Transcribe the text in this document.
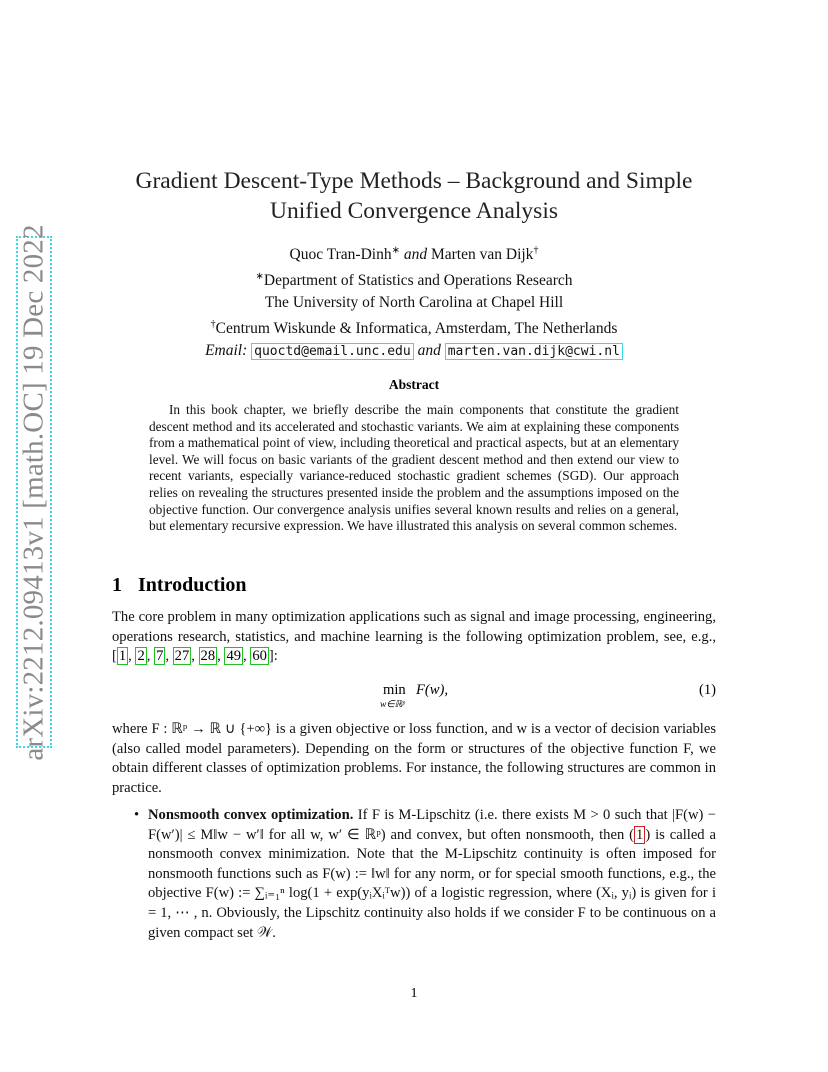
arXiv:2212.09413v1 [math.OC] 19 Dec 2022
Gradient Descent-Type Methods – Background and Simple
Unified Convergence Analysis
Quoc Tran-Dinh∗ and Marten van Dijk†
∗Department of Statistics and Operations Research
The University of North Carolina at Chapel Hill
†Centrum Wiskunde & Informatica, Amsterdam, The Netherlands
Email: quoctd@email.unc.edu and marten.van.dijk@cwi.nl
Abstract

In this book chapter, we briefly describe the main components that constitute the gradient descent method and its accelerated and stochastic variants. We aim at explaining these components from a mathematical point of view, including theoretical and practical aspects, but at an elementary level. We will focus on basic variants of the gradient descent method and then extend our view to recent variants, especially variance-reduced stochastic gradient schemes (SGD). Our approach relies on revealing the structures presented inside the problem and the assumptions imposed on the objective function. Our convergence analysis unifies several known results and relies on a general, but elementary recursive expression. We have illustrated this analysis on several common schemes.

1 Introduction

The core problem in many optimization applications such as signal and image processing, engineering, operations research, statistics, and machine learning is the following optimization problem, see, e.g., [ 1 , 2 , 7 , 27 , 28 , 49 , 60 ]:

min F(w),
w∈ℝᵖ
(1)

where F : ℝᵖ → ℝ ∪ {+∞} is a given objective or loss function, and w is a vector of decision variables (also called model parameters). Depending on the form or structures of the objective function F, we obtain different classes of optimization problems. For instance, the following structures are common in practice.

• Nonsmooth convex optimization. If F is M-Lipschitz (i.e. there exists M > 0 such that |F(w) − F(w′)| ≤ M‖w − w′‖ for all w, w′ ∈ ℝᵖ) and convex, but often nonsmooth, then ( 1 ) is called a nonsmooth convex minimization. Note that the M-Lipschitz continuity is often imposed for nonsmooth functions such as F(w) := ‖w‖ for any norm, or for special smooth functions, e.g., the objective F(w) := ∑ᵢ₌₁ⁿ log(1 + exp(yᵢXᵢᵀw)) of a logistic regression, where (Xᵢ, yᵢ) is given for i = 1, ⋯ , n. Obviously, the Lipschitz continuity also holds if we consider F to be continuous on a given compact set 𝒲.
1
